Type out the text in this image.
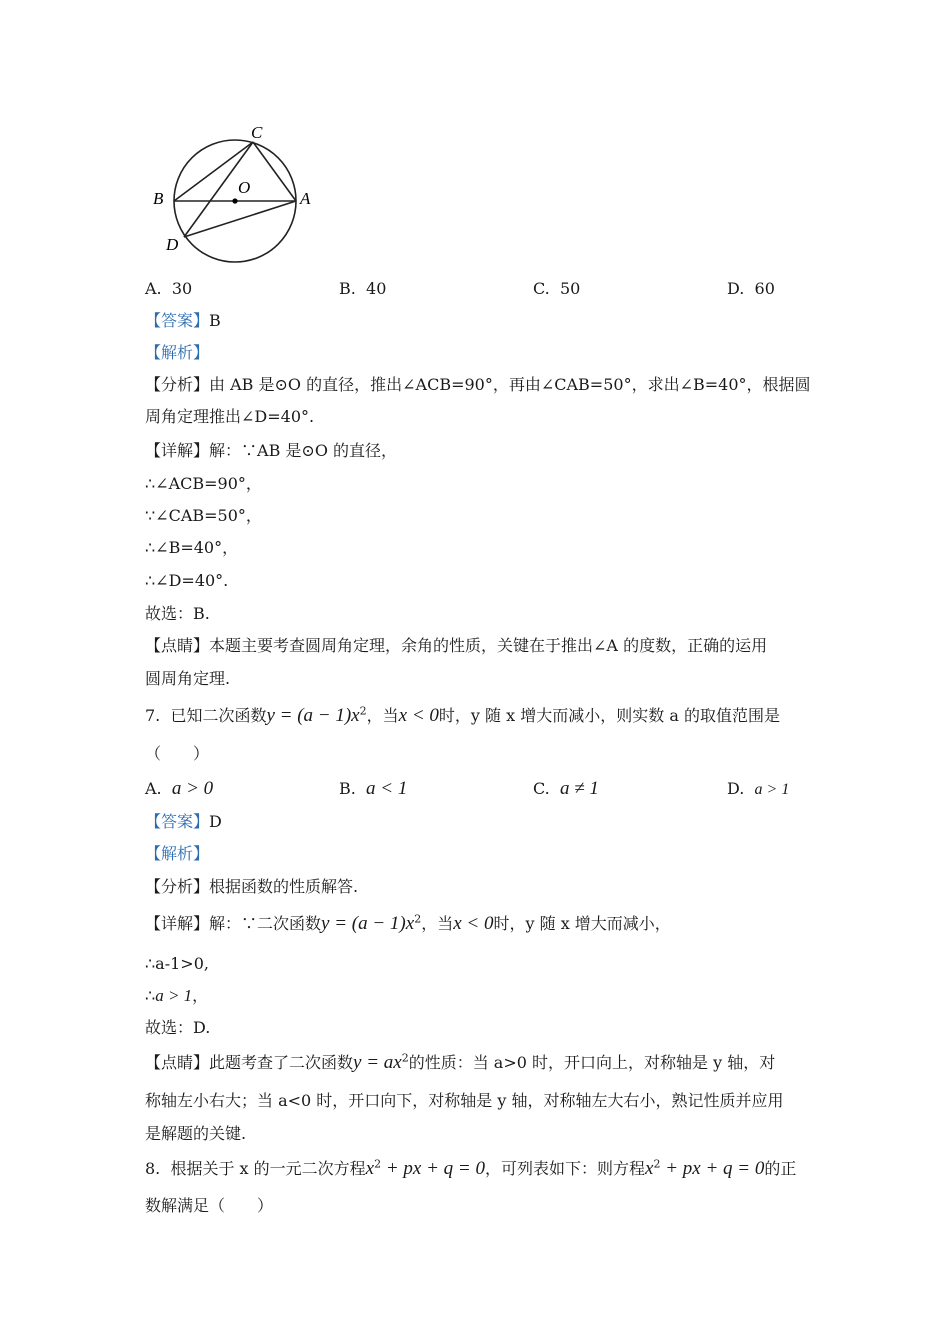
C
O
B	A
D
A. 30	B. 40	C. 50	D. 60
【答案】B
【解析】
【分析】由 AB 是⊙O 的直径，推出∠ACB=90°，再由∠CAB=50°，求出∠B=40°，根据圆
周角定理推出∠D=40°.
【详解】解：∵AB 是⊙O 的直径，
∴∠ACB=90°，
∵∠CAB=50°，
∴∠B=40°，
∴∠D=40°.
故选：B.
【点睛】本题主要考查圆周角定理，余角的性质，关键在于推出∠A 的度数，正确的运用
圆周角定理.
7. 已知二次函数$y = (a - 1)x^2$，当x < 0时，y 随 x 增大而减小，则实数 a 的取值范围是
（　　）
A. a > 0	B. a < 1	C. a ≠ 1	D. a > 1
【答案】D
【解析】
【分析】根据函数的性质解答.
【详解】解：∵二次函数$y = (a - 1)x^2$，当x < 0时，y 随 x 增大而减小，
∴a-1>0,
∴a > 1，
故选：D.
【点睛】此题考查了二次函数$y = ax^2$的性质：当 a>0 时，开口向上，对称轴是 y 轴，对
称轴左小右大；当 a<0 时，开口向下，对称轴是 y 轴，对称轴左大右小，熟记性质并应用
是解题的关键.
8. 根据关于 x 的一元二次方程$x^2$ + px + q = 0，可列表如下：则方程$x^2$ + px + q = 0的正
数解满足（　　）
